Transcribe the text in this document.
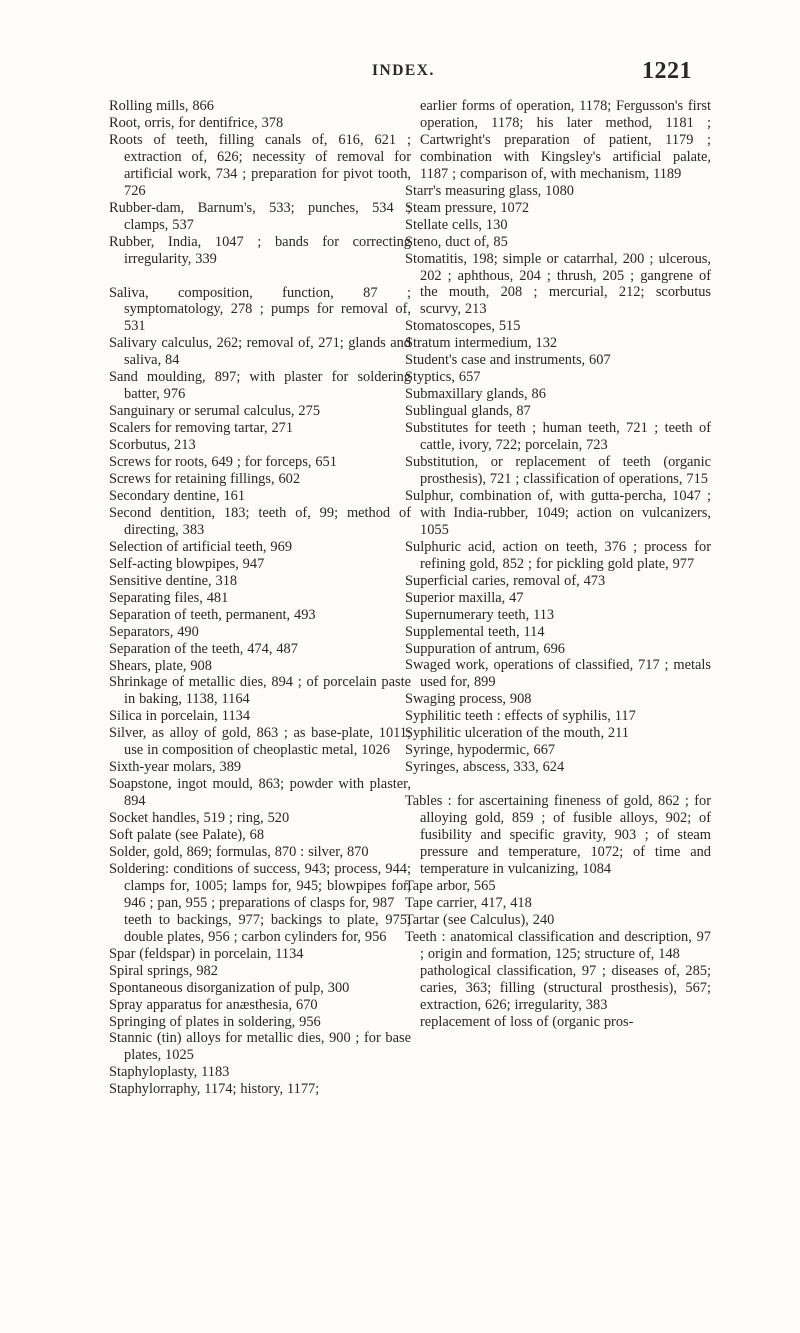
INDEX.	1221
Rolling mills, 866
Root, orris, for dentifrice, 378
Roots of teeth, filling canals of, 616, 621 ; extraction of, 626; necessity of removal for artificial work, 734 ; preparation for pivot tooth, 726
Rubber-dam, Barnum's, 533; punches, 534 ; clamps, 537
Rubber, India, 1047 ; bands for correcting irregularity, 339
Saliva, composition, function, 87 ; symptomatology, 278 ; pumps for removal of, 531
Salivary calculus, 262; removal of, 271; glands and saliva, 84
Sand moulding, 897; with plaster for soldering batter, 976
Sanguinary or serumal calculus, 275
Scalers for removing tartar, 271
Scorbutus, 213
Screws for roots, 649 ; for forceps, 651
Screws for retaining fillings, 602
Secondary dentine, 161
Second dentition, 183; teeth of, 99; method of directing, 383
Selection of artificial teeth, 969
Self-acting blowpipes, 947
Sensitive dentine, 318
Separating files, 481
Separation of teeth, permanent, 493
Separators, 490
Separation of the teeth, 474, 487
Shears, plate, 908
Shrinkage of metallic dies, 894 ; of porcelain paste in baking, 1138, 1164
Silica in porcelain, 1134
Silver, as alloy of gold, 863 ; as base-plate, 1011; use in composition of cheoplastic metal, 1026
Sixth-year molars, 389
Soapstone, ingot mould, 863; powder with plaster, 894
Socket handles, 519 ; ring, 520
Soft palate (see Palate), 68
Solder, gold, 869; formulas, 870 : silver, 870
Soldering: conditions of success, 943; process, 944; clamps for, 1005; lamps for, 945; blowpipes for, 946 ; pan, 955 ; preparations of clasps for, 987
teeth to backings, 977; backings to plate, 975; double plates, 956 ; carbon cylinders for, 956
Spar (feldspar) in porcelain, 1134
Spiral springs, 982
Spontaneous disorganization of pulp, 300
Spray apparatus for anæsthesia, 670
Springing of plates in soldering, 956
Stannic (tin) alloys for metallic dies, 900 ; for base plates, 1025
Staphyloplasty, 1183
Staphylorraphy, 1174; history, 1177;
earlier forms of operation, 1178; Fergusson's first operation, 1178; his later method, 1181 ; Cartwright's preparation of patient, 1179 ; combination with Kingsley's artificial palate, 1187 ; comparison of, with mechanism, 1189
Starr's measuring glass, 1080
Steam pressure, 1072
Stellate cells, 130
Steno, duct of, 85
Stomatitis, 198; simple or catarrhal, 200 ; ulcerous, 202 ; aphthous, 204 ; thrush, 205 ; gangrene of the mouth, 208 ; mercurial, 212; scorbutus scurvy, 213
Stomatoscopes, 515
Stratum intermedium, 132
Student's case and instruments, 607
Styptics, 657
Submaxillary glands, 86
Sublingual glands, 87
Substitutes for teeth ; human teeth, 721 ; teeth of cattle, ivory, 722; porcelain, 723
Substitution, or replacement of teeth (organic prosthesis), 721 ; classification of operations, 715
Sulphur, combination of, with gutta-percha, 1047 ; with India-rubber, 1049; action on vulcanizers, 1055
Sulphuric acid, action on teeth, 376 ; process for refining gold, 852 ; for pickling gold plate, 977
Superficial caries, removal of, 473
Superior maxilla, 47
Supernumerary teeth, 113
Supplemental teeth, 114
Suppuration of antrum, 696
Swaged work, operations of classified, 717 ; metals used for, 899
Swaging process, 908
Syphilitic teeth : effects of syphilis, 117
Syphilitic ulceration of the mouth, 211
Syringe, hypodermic, 667
Syringes, abscess, 333, 624
Tables : for ascertaining fineness of gold, 862 ; for alloying gold, 859 ; of fusible alloys, 902; of fusibility and specific gravity, 903 ; of steam pressure and temperature, 1072; of time and temperature in vulcanizing, 1084
Tape arbor, 565
Tape carrier, 417, 418
Tartar (see Calculus), 240
Teeth : anatomical classification and description, 97 ; origin and formation, 125; structure of, 148
pathological classification, 97 ; diseases of, 285; caries, 363; filling (structural prosthesis), 567; extraction, 626; irregularity, 383
replacement of loss of (organic pros-
